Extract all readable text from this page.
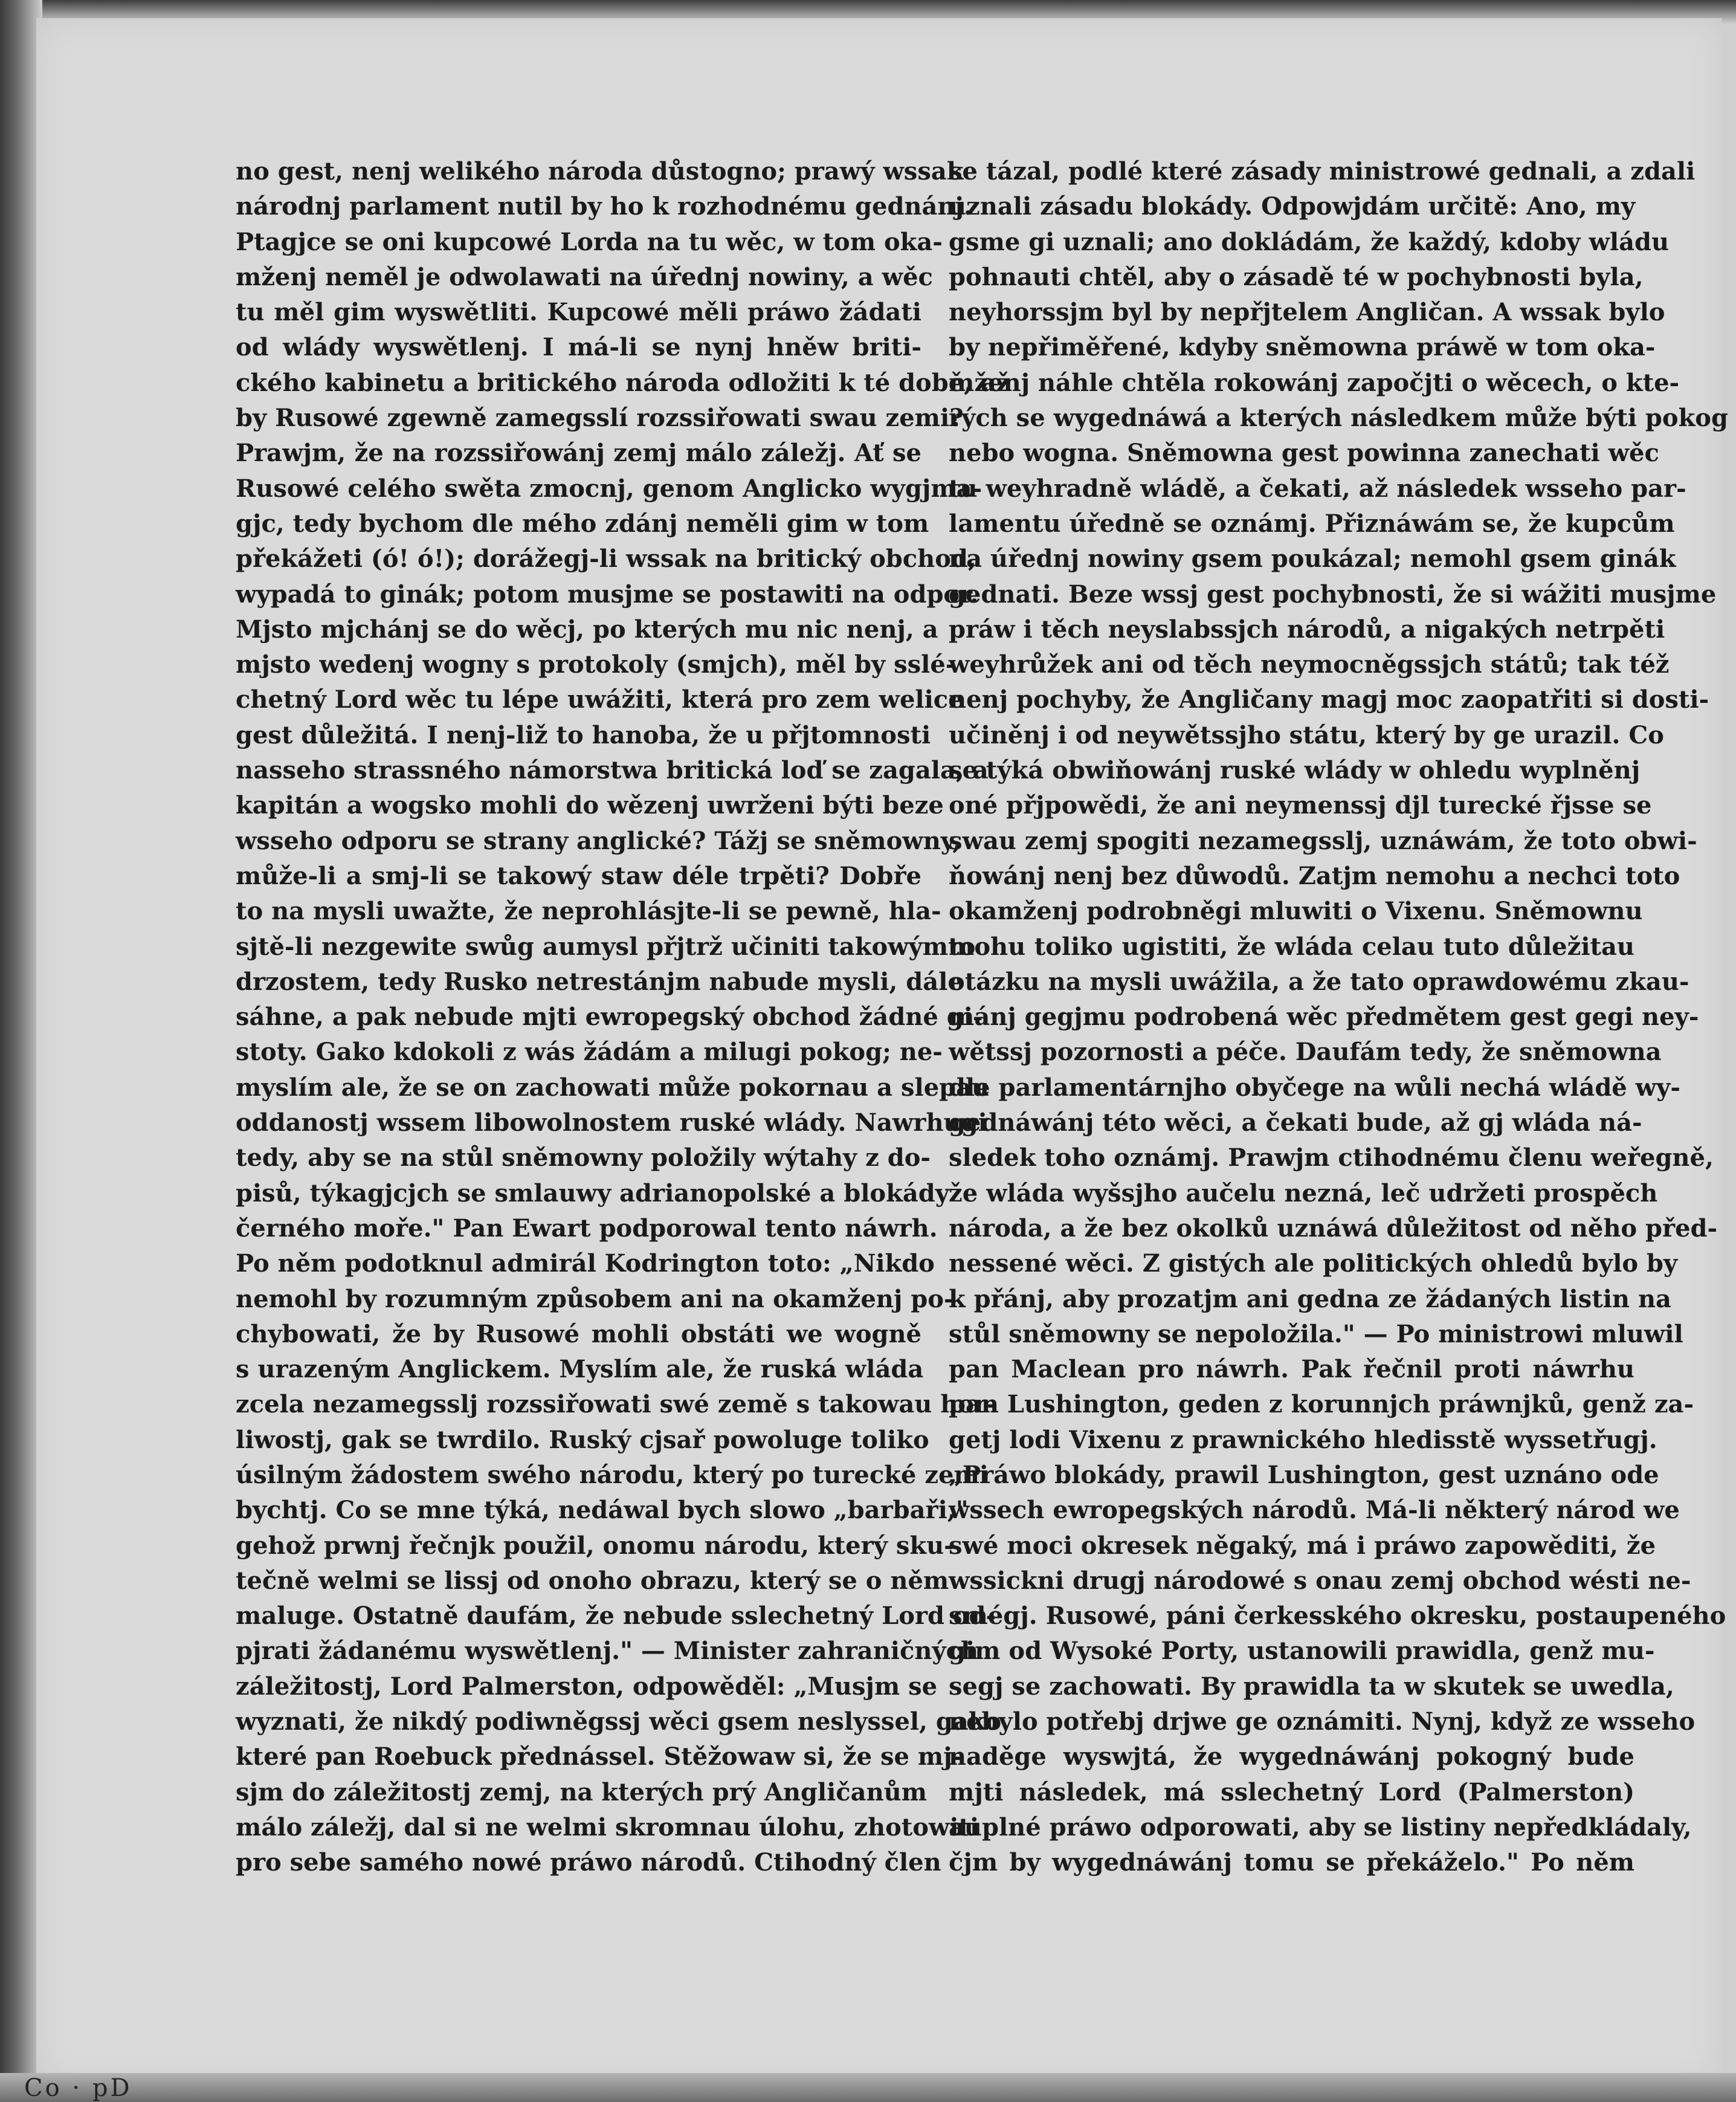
no gest, nenj welikého národa důstogno; prawý wssak
národnj parlament nutil by ho k rozhodnému gednánj.
Ptagjce se oni kupcowé Lorda na tu wěc, w tom oka-
mženj neměl je odwolawati na úřednj nowiny, a wěc
tu měl gim wyswětliti. Kupcowé měli práwo žádati
od wlády wyswětlenj. I má-li se nynj hněw briti-
ckého kabinetu a britického národa odložiti k té době, až
by Rusowé zgewně zamegsslí rozssiřowati swau zemi?
Prawjm, že na rozssiřowánj zemj málo záležj. Ať se
Rusowé celého swěta zmocnj, genom Anglicko wygjma-
gjc, tedy bychom dle mého zdánj neměli gim w tom
překážeti (ó! ó!); dorážegj-li wssak na britický obchod,
wypadá to ginák; potom musjme se postawiti na odpor.
Mjsto mjchánj se do wěcj, po kterých mu nic nenj, a
mjsto wedenj wogny s protokoly (smjch), měl by sslé-
chetný Lord wěc tu lépe uwážiti, která pro zem welice
gest důležitá. I nenj-liž to hanoba, že u přjtomnosti
nasseho strassného námorstwa britická loď se zagala, a
kapitán a wogsko mohli do wězenj uwrženi býti beze
wsseho odporu se strany anglické? Tážj se sněmowny,
může-li a smj-li se takowý staw déle trpěti? Dobře
to na mysli uwažte, že neprohlásjte-li se pewně, hla-
sjtě-li nezgewite swůg aumysl přjtrž učiniti takowýmto
drzostem, tedy Rusko netrestánjm nabude mysli, dále
sáhne, a pak nebude mjti ewropegský obchod žádné gi-
stoty. Gako kdokoli z wás žádám a milugi pokog; ne-
myslím ale, že se on zachowati může pokornau a slepau
oddanostj wssem libowolnostem ruské wlády. Nawrhugi
tedy, aby se na stůl sněmowny položily wýtahy z do-
pisů, týkagjcjch se smlauwy adrianopolské a blokády
černého moře." Pan Ewart podporowal tento náwrh.
Po něm podotknul admirál Kodrington toto: „Nikdo
nemohl by rozumným způsobem ani na okamženj po-
chybowati, že by Rusowé mohli obstáti we wogně
s urazeným Anglickem. Myslím ale, že ruská wláda
zcela nezamegsslj rozssiřowati swé země s takowau hor-
liwostj, gak se twrdilo. Ruský cjsař powoluge toliko
úsilným žádostem swého národu, který po turecké zemi
bychtj. Co se mne týká, nedáwal bych slowo „barbaři,"
gehož prwnj řečnjk použil, onomu národu, který sku-
tečně welmi se lissj od onoho obrazu, který se o něm
maluge. Ostatně daufám, že nebude sslechetný Lord od-
pjrati žádanému wyswětlenj." — Minister zahraničných
záležitostj, Lord Palmerston, odpowěděl: „Musjm se
wyznati, že nikdý podiwněgssj wěci gsem neslyssel, gako
které pan Roebuck přednássel. Stěžowaw si, že se mj-
sjm do záležitostj zemj, na kterých prý Angličanům
málo záležj, dal si ne welmi skromnau úlohu, zhotowiti
pro sebe samého nowé práwo národů. Ctihodný člen
se tázal, podlé které zásady ministrowé gednali, a zdali
uznali zásadu blokády. Odpowjdám určitě: Ano, my
gsme gi uznali; ano dokládám, že každý, kdoby wládu
pohnauti chtěl, aby o zásadě té w pochybnosti byla,
neyhorssjm byl by nepřjtelem Angličan. A wssak bylo
by nepřiměřené, kdyby sněmowna práwě w tom oka-
mženj náhle chtěla rokowánj započjti o wěcech, o kte-
rých se wygednáwá a kterých následkem může býti pokog
nebo wogna. Sněmowna gest powinna zanechati wěc
tu weyhradně wládě, a čekati, až následek wsseho par-
lamentu úředně se oznámj. Přiznáwám se, že kupcům
na úřednj nowiny gsem poukázal; nemohl gsem ginák
gednati. Beze wssj gest pochybnosti, že si wážiti musjme
práw i těch neyslabssjch národů, a nigakých netrpěti
weyhrůžek ani od těch neymocněgssjch států; tak též
nenj pochyby, že Angličany magj moc zaopatřiti si dosti-
učiněnj i od neywětssjho státu, který by ge urazil. Co
se týká obwiňowánj ruské wlády w ohledu wyplněnj
oné přjpowědi, že ani neymenssj djl turecké řjsse se
swau zemj spogiti nezamegsslj, uznáwám, že toto obwi-
ňowánj nenj bez důwodů. Zatjm nemohu a nechci toto
okamženj podrobněgi mluwiti o Vixenu. Sněmownu
mohu toliko ugistiti, že wláda celau tuto důležitau
otázku na mysli uwážila, a že tato oprawdowému zkau-
mánj gegjmu podrobená wěc předmětem gest gegi ney-
wětssj pozornosti a péče. Daufám tedy, že sněmowna
dle parlamentárnjho obyčege na wůli nechá wládě wy-
gednáwánj této wěci, a čekati bude, až gj wláda ná-
sledek toho oznámj. Prawjm ctihodnému členu weřegně,
že wláda wyšsjho aučelu nezná, leč udržeti prospěch
národa, a že bez okolků uznáwá důležitost od něho před-
nessené wěci. Z gistých ale politických ohledů bylo by
k přánj, aby prozatjm ani gedna ze žádaných listin na
stůl sněmowny se nepoložila." — Po ministrowi mluwil
pan Maclean pro náwrh. Pak řečnil proti náwrhu
pan Lushington, geden z korunnjch práwnjků, genž za-
getj lodi Vixenu z prawnického hledisstě wyssetřugj.
„Práwo blokády, prawil Lushington, gest uznáno ode
wssech ewropegských národů. Má-li některý národ we
swé moci okresek něgaký, má i práwo zapowěditi, že
wssickni drugj národowé s onau zemj obchod wésti ne-
smégj. Rusowé, páni čerkesského okresku, postaupeného
gim od Wysoké Porty, ustanowili prawidla, genž mu-
segj se zachowati. By prawidla ta w skutek se uwedla,
nebylo potřebj drjwe ge oznámiti. Nynj, když ze wsseho
naděge wyswjtá, že wygednáwánj pokogný bude
mjti následek, má sslechetný Lord (Palmerston)
auplné práwo odporowati, aby se listiny nepředkládaly,
čjm by wygednáwánj tomu se překáželo." Po něm
Co · pD
